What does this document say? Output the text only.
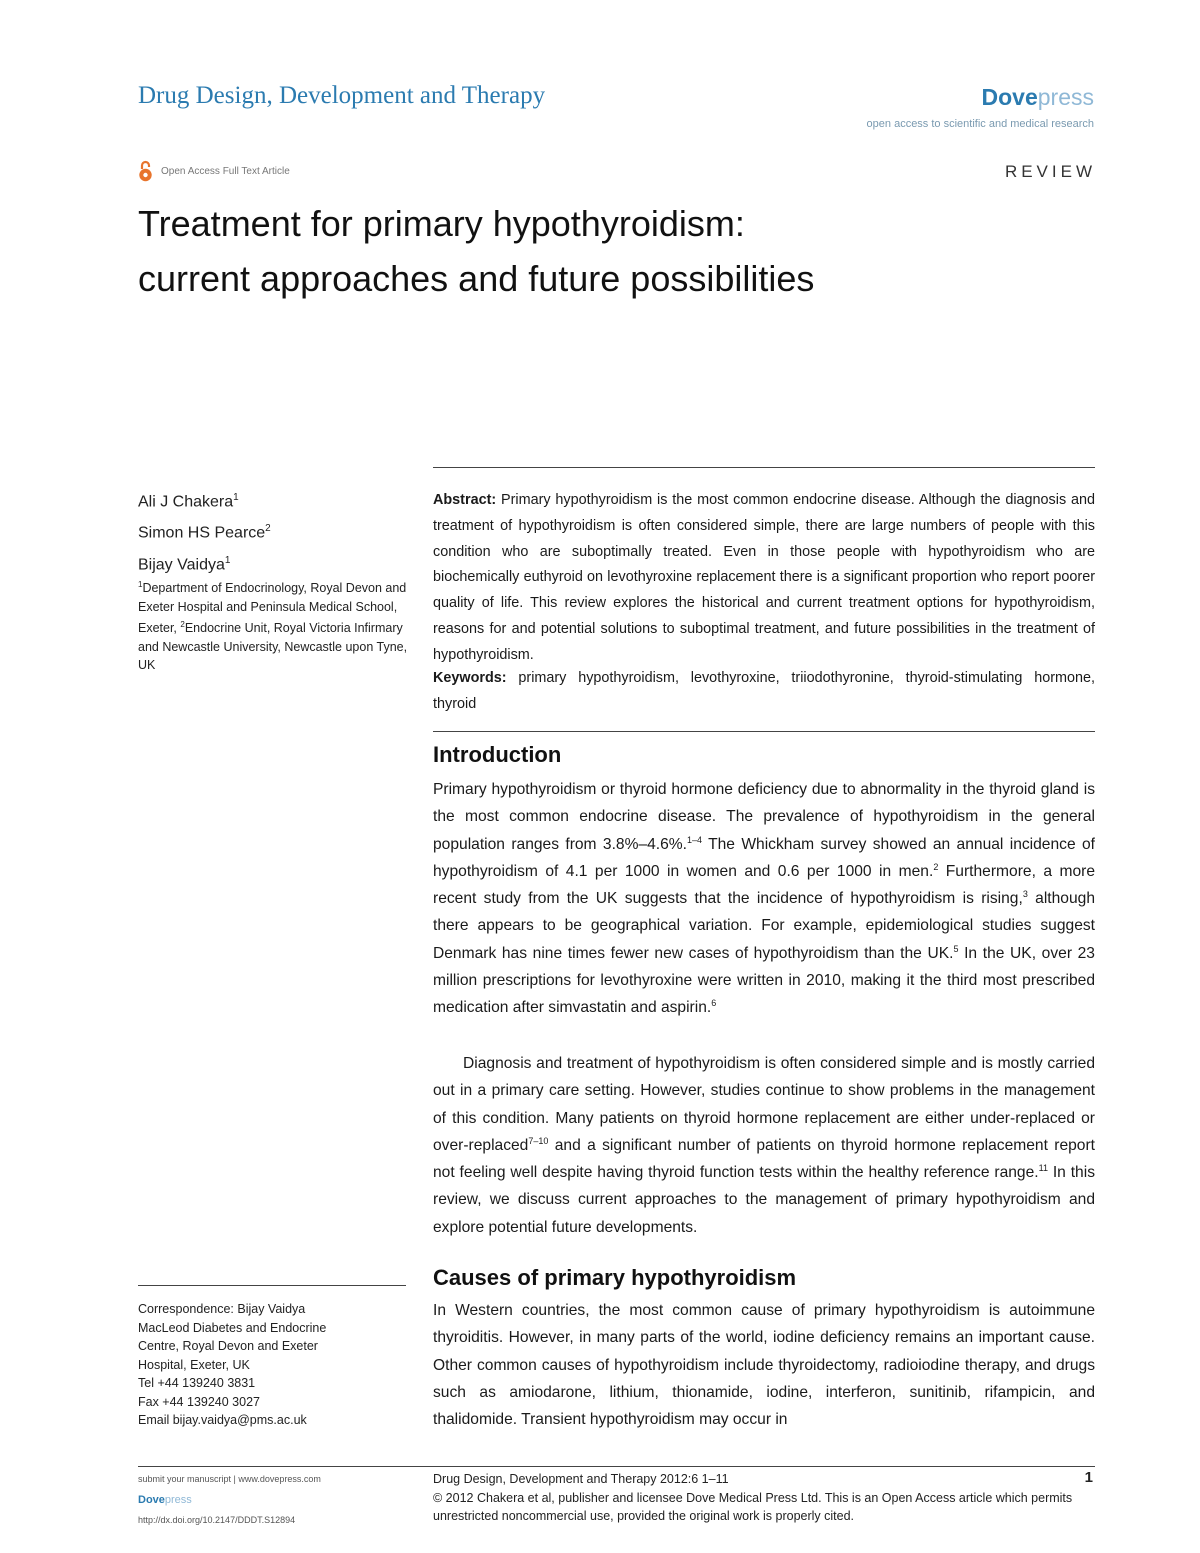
Drug Design, Development and Therapy	Dovepress
open access to scientific and medical research
Open Access Full Text Article	REVIEW
Treatment for primary hypothyroidism:
current approaches and future possibilities
Ali J Chakera$^1$
Simon HS Pearce$^2$
Bijay Vaidya$^1$
$^1$Department of Endocrinology, Royal Devon and Exeter Hospital and Peninsula Medical School, Exeter, $^2$Endocrine Unit, Royal Victoria Infirmary and Newcastle University, Newcastle upon Tyne, UK
Abstract: Primary hypothyroidism is the most common endocrine disease. Although the diagnosis and treatment of hypothyroidism is often considered simple, there are large numbers of people with this condition who are suboptimally treated. Even in those people with hypothyroidism who are biochemically euthyroid on levothyroxine replacement there is a significant proportion who report poorer quality of life. This review explores the historical and current treatment options for hypothyroidism, reasons for and potential solutions to suboptimal treatment, and future possibilities in the treatment of hypothyroidism.
Keywords: primary hypothyroidism, levothyroxine, triiodothyronine, thyroid-stimulating hormone, thyroid
Introduction
Primary hypothyroidism or thyroid hormone deficiency due to abnormality in the thyroid gland is the most common endocrine disease. The prevalence of hypothyroidism in the general population ranges from 3.8%–4.6%.$^{1-4}$ The Whickham survey showed an annual incidence of hypothyroidism of 4.1 per 1000 in women and 0.6 per 1000 in men.$^2$ Furthermore, a more recent study from the UK suggests that the incidence of hypothyroidism is rising,$^3$ although there appears to be geographical variation. For example, epidemiological studies suggest Denmark has nine times fewer new cases of hypothyroidism than the UK.$^5$ In the UK, over 23 million prescriptions for levothyroxine were written in 2010, making it the third most prescribed medication after simvastatin and aspirin.$^6$
Diagnosis and treatment of hypothyroidism is often considered simple and is mostly carried out in a primary care setting. However, studies continue to show problems in the management of this condition. Many patients on thyroid hormone replacement are either under-replaced or over-replaced$^{7-10}$ and a significant number of patients on thyroid hormone replacement report not feeling well despite having thyroid function tests within the healthy reference range.$^{11}$ In this review, we discuss current approaches to the management of primary hypothyroidism and explore potential future developments.
Causes of primary hypothyroidism
In Western countries, the most common cause of primary hypothyroidism is autoimmune thyroiditis. However, in many parts of the world, iodine deficiency remains an important cause. Other common causes of hypothyroidism include thyroidectomy, radioiodine therapy, and drugs such as amiodarone, lithium, thionamide, iodine, interferon, sunitinib, rifampicin, and thalidomide. Transient hypothyroidism may occur in
Correspondence: Bijay Vaidya
MacLeod Diabetes and Endocrine
Centre, Royal Devon and Exeter
Hospital, Exeter, UK
Tel +44 139240 3831
Fax +44 139240 3027
Email bijay.vaidya@pms.ac.uk
submit your manuscript | www.dovepress.com
Dovepress
http://dx.doi.org/10.2147/DDDT.S12894
Drug Design, Development and Therapy 2012:6 1–11
© 2012 Chakera et al, publisher and licensee Dove Medical Press Ltd. This is an Open Access article which permits unrestricted noncommercial use, provided the original work is properly cited.
1
